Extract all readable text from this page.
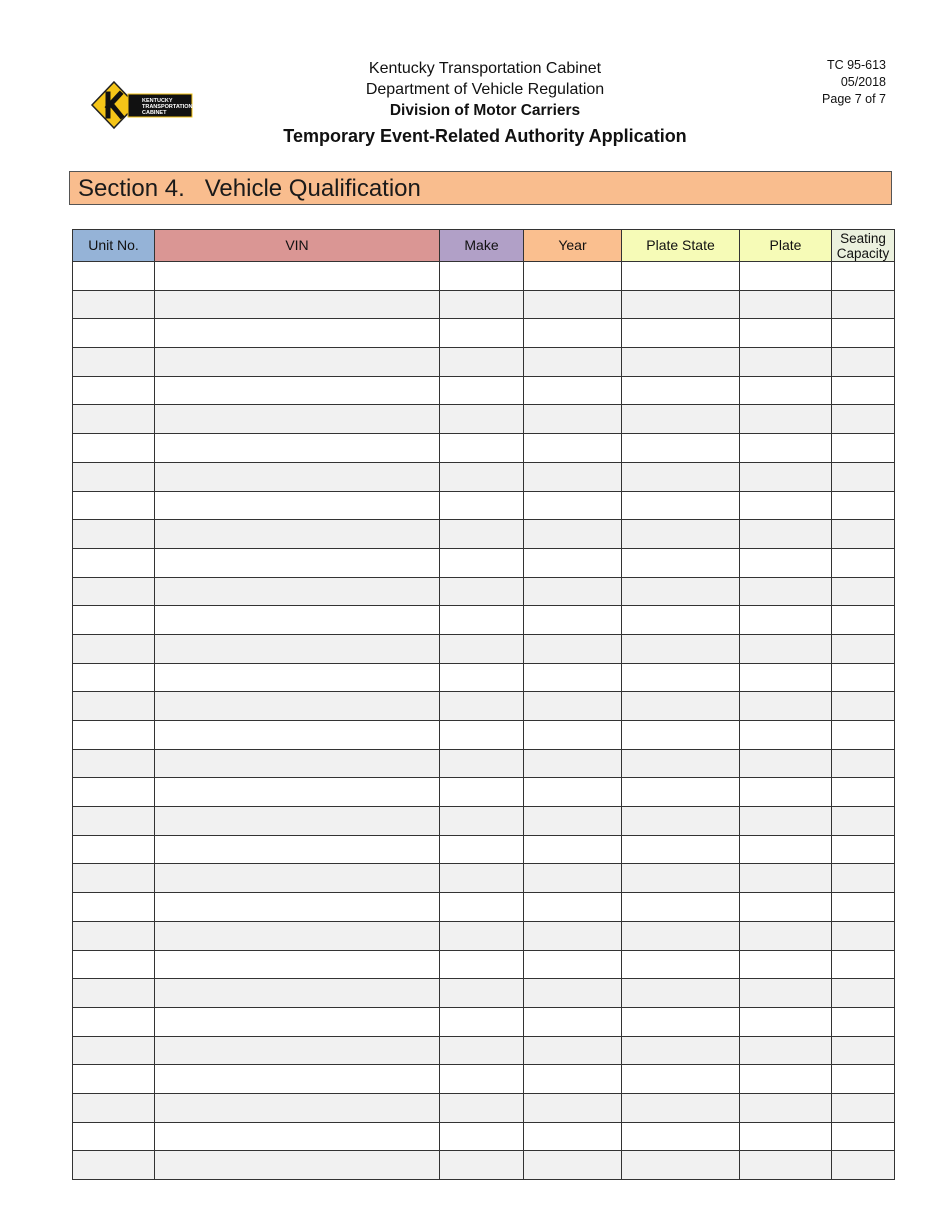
KENTUCKY
TRANSPORTATION
CABINET
Kentucky Transportation Cabinet
Department of Vehicle Regulation
Division of Motor Carriers
Temporary Event-Related Authority Application
TC 95-613
05/2018
Page 7 of 7
Section 4.   Vehicle Qualification
Unit No.	VIN	Make	Year	Plate State	Plate	Seating
Capacity
